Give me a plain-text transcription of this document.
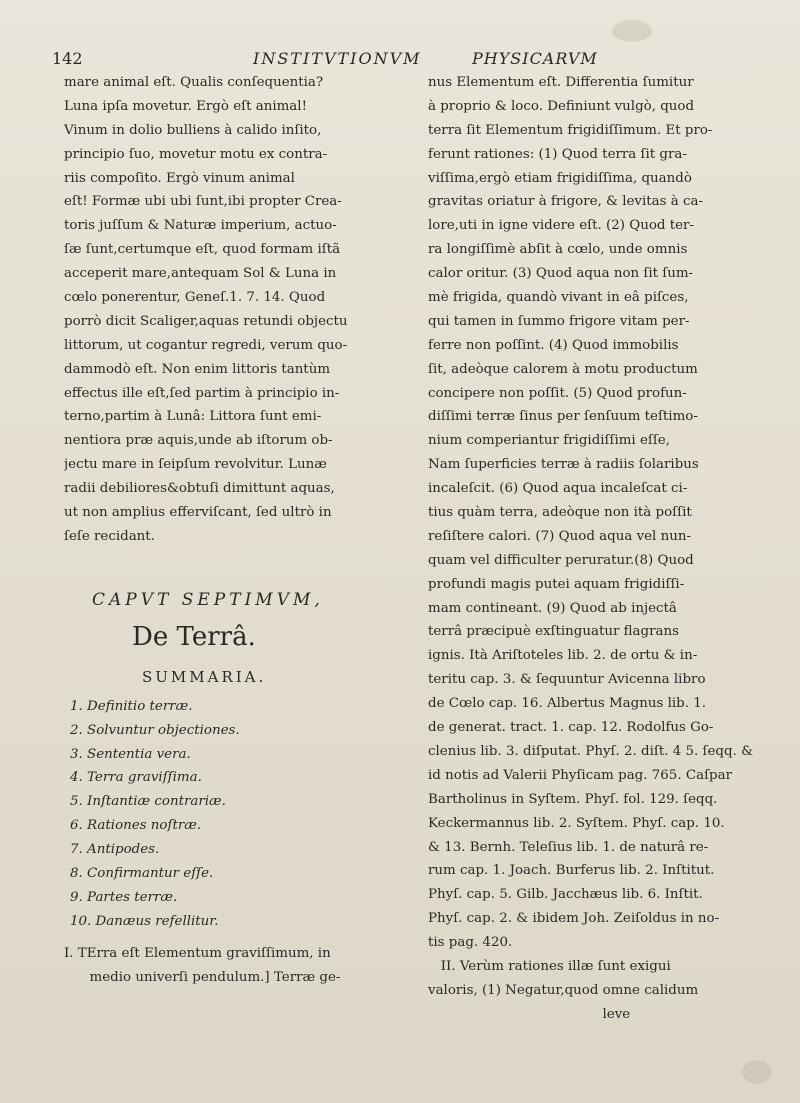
142	INSTITVTIONVM	PHYSICARVM
mare animal eſt. Qualis conſequentia?
Luna ipſa movetur. Ergò eſt animal!
Vinum in dolio bulliens à calido inſito,
principio ſuo, movetur motu ex contra-
riis compoſito. Ergò vinum animal
eſt! Formæ ubi ubi ſunt,ibi propter Crea-
toris juſſum & Naturæ imperium, actuo-
ſæ ſunt,certumque eſt, quod formam iſtã
acceperit mare,antequam Sol & Luna in
cœlo ponerentur, Geneſ.1. 7. 14. Quod
porrò dicit Scaliger,aquas retundi objectu
littorum, ut cogantur regredi, verum quo-
dammodò eſt. Non enim littoris tantùm
effectus ille eſt,ſed partim à principio in-
terno,partim à Lunâ: Littora ſunt emi-
nentiora præ aquis,unde ab iſtorum ob-
jectu mare in ſeipſum revolvitur. Lunæ
radii debiliores&obtuſi dimittunt aquas,
ut non amplius efferviſcant, ſed ultrò in
ſeſe recidant.
CAPVT SEPTIMVM,
De Terrâ.
SUMMARIA.
1. Definitio terræ.
2. Solvuntur objectiones.
3. Sententia vera.
4. Terra graviſſima.
5. Inſtantiæ contrariæ.
6. Rationes noſtræ.
7. Antipodes.
8. Confirmantur eſſe.
9. Partes terræ.
10. Danæus refellitur.
I. TErra eſt Elementum graviſſimum, in
medio univerſi pendulum.] Terræ ge-
nus Elementum eſt. Differentia ſumitur
à proprio & loco. Definiunt vulgò, quod
terra ſit Elementum frigidiſſimum. Et pro-
ferunt rationes: (1) Quod terra ſit gra-
viſſima,ergò etiam frigidiſſima, quandò
gravitas oriatur à frigore, & levitas à ca-
lore,uti in igne videre eſt. (2) Quod ter-
ra longiſſimè abſit à cœlo, unde omnis
calor oritur. (3) Quod aqua non ſit ſum-
mè frigida, quandò vivant in eâ piſces,
qui tamen in ſummo frigore vitam per-
ferre non poſſint. (4) Quod immobilis
ſit, adeòque calorem à motu productum
concipere non poſſit. (5) Quod profun-
diſſimi terræ ſinus per ſenſuum teſtimo-
nium comperiantur frigidiſſimi eſſe,
Nam ſuperficies terræ à radiis ſolaribus
incaleſcit. (6) Quod aqua incaleſcat ci-
tius quàm terra, adeòque non ità poſſit
reſiſtere calori. (7) Quod aqua vel nun-
quam vel difficulter peruratur.(8) Quod
profundi magis putei aquam frigidiſſi-
mam contineant. (9) Quod ab injectâ
terrâ præcipuè exſtinguatur flagrans
ignis. Ità Ariſtoteles lib. 2. de ortu & in-
teritu cap. 3. & ſequuntur Avicenna libro
de Cœlo cap. 16. Albertus Magnus lib. 1.
de generat. tract. 1. cap. 12. Rodolfus Go-
clenius lib. 3. diſputat. Phyſ. 2. diſt. 4 5. ſeqq. &
id notis ad Valerii Phyſicam pag. 765. Caſpar
Bartholinus in Syſtem. Phyſ. fol. 129. ſeqq.
Keckermannus lib. 2. Syſtem. Phyſ. cap. 10.
& 13. Bernh. Teleſius lib. 1. de naturâ re-
rum cap. 1. Joach. Burferus lib. 2. Inſtitut.
Phyſ. cap. 5. Gilb. Jacchæus lib. 6. Inſtit.
Phyſ. cap. 2. & ibidem Joh. Zeiſoldus in no-
tis pag. 420.
II. Verùm rationes illæ ſunt exigui
valoris, (1) Negatur,quod omne calidum
leve
